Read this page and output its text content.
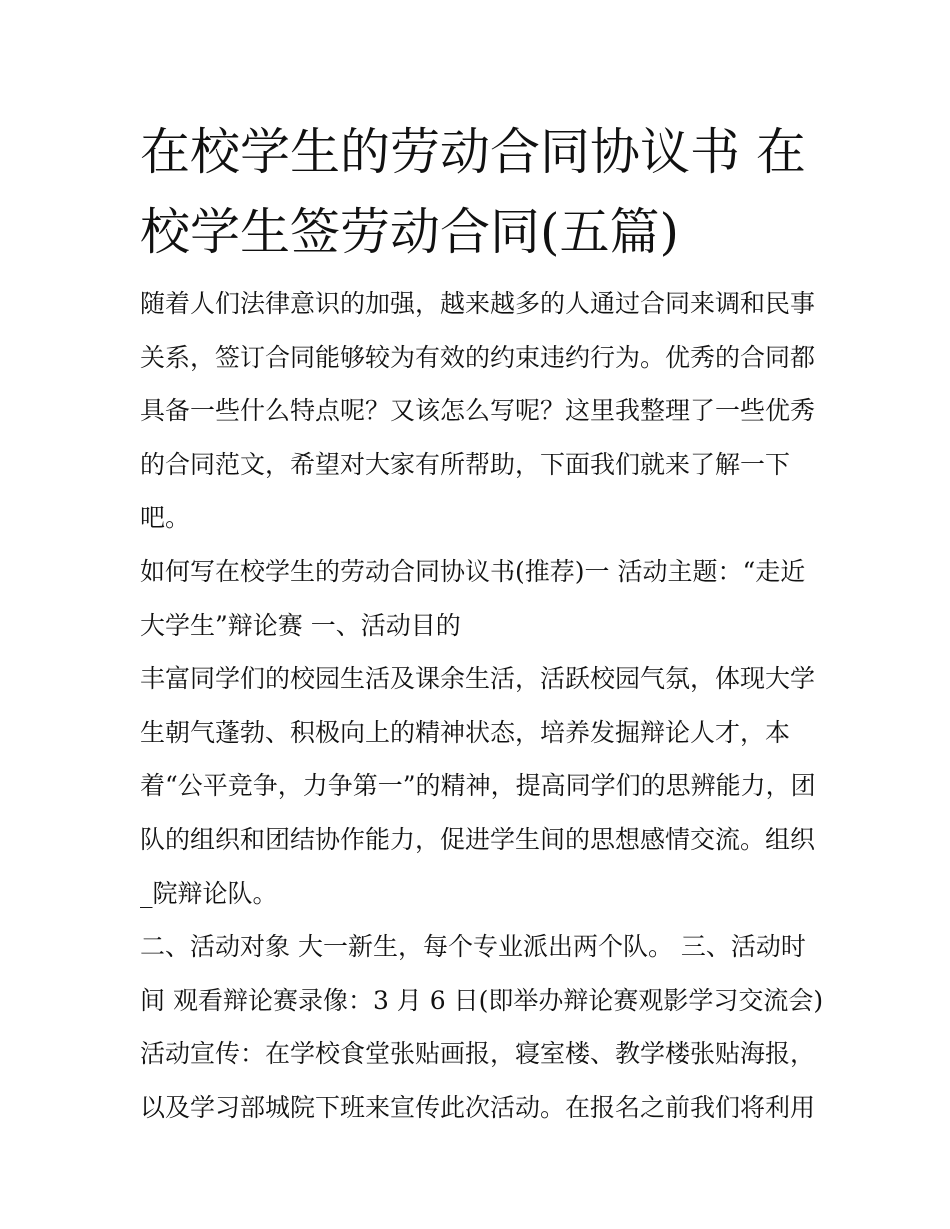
在校学生的劳动合同协议书 在
校学生签劳动合同(五篇)
随着人们法律意识的加强，越来越多的人通过合同来调和民事
关系，签订合同能够较为有效的约束违约行为。优秀的合同都
具备一些什么特点呢？又该怎么写呢？这里我整理了一些优秀
的合同范文，希望对大家有所帮助，下面我们就来了解一下
吧。
如何写在校学生的劳动合同协议书(推荐)一 活动主题：“走近
大学生”辩论赛 一、活动目的
丰富同学们的校园生活及课余生活，活跃校园气氛，体现大学
生朝气蓬勃、积极向上的精神状态，培养发掘辩论人才，本
着“公平竞争，力争第一”的精神，提高同学们的思辨能力，团
队的组织和团结协作能力，促进学生间的思想感情交流。组织
_院辩论队。
二、活动对象 大一新生，每个专业派出两个队。 三、活动时
间 观看辩论赛录像：3 月 6 日(即举办辩论赛观影学习交流会)
活动宣传：在学校食堂张贴画报，寝室楼、教学楼张贴海报，
以及学习部城院下班来宣传此次活动。在报名之前我们将利用
